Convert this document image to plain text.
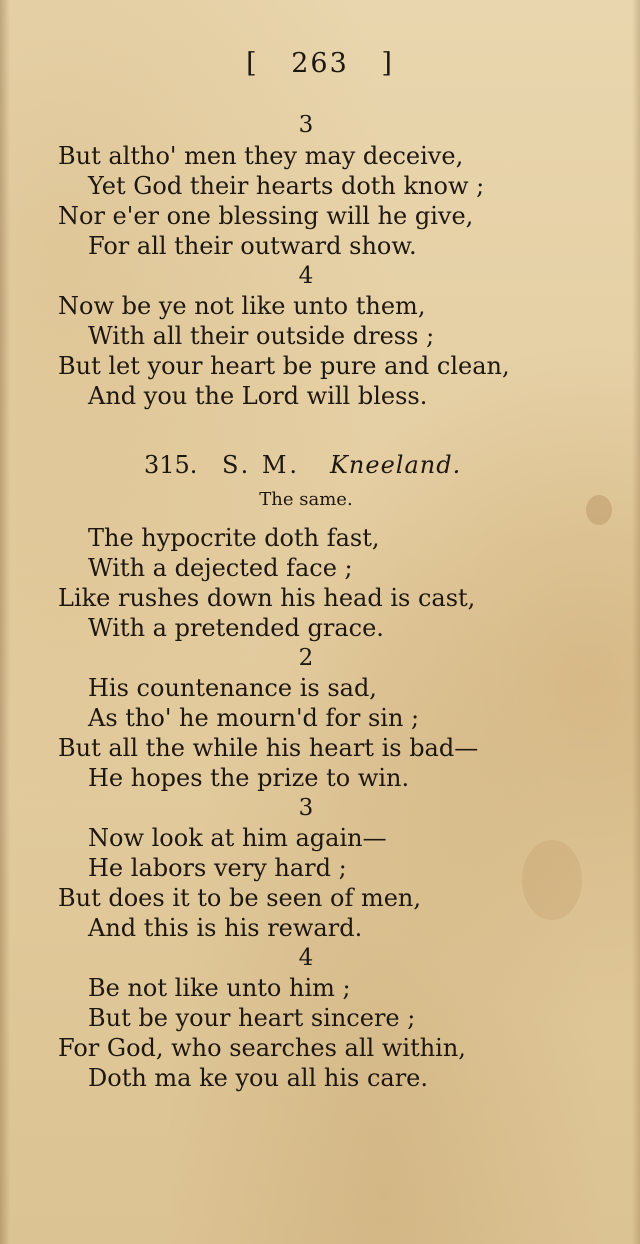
[ 263 ]
3
But altho' men they may deceive,
Yet God their hearts doth know ;
Nor e'er one blessing will he give,
For all their outward show.
4
Now be ye not like unto them,
With all their outside dress ;
But let your heart be pure and clean,
And you the Lord will bless.
315. S. M. Kneeland.
The same.
The hypocrite doth fast,
With a dejected face ;
Like rushes down his head is cast,
With a pretended grace.
2
His countenance is sad,
As tho' he mourn'd for sin ;
But all the while his heart is bad—
He hopes the prize to win.
3
Now look at him again—
He labors very hard ;
But does it to be seen of men,
And this is his reward.
4
Be not like unto him ;
But be your heart sincere ;
For God, who searches all within,
Doth ma ke you all his care.
